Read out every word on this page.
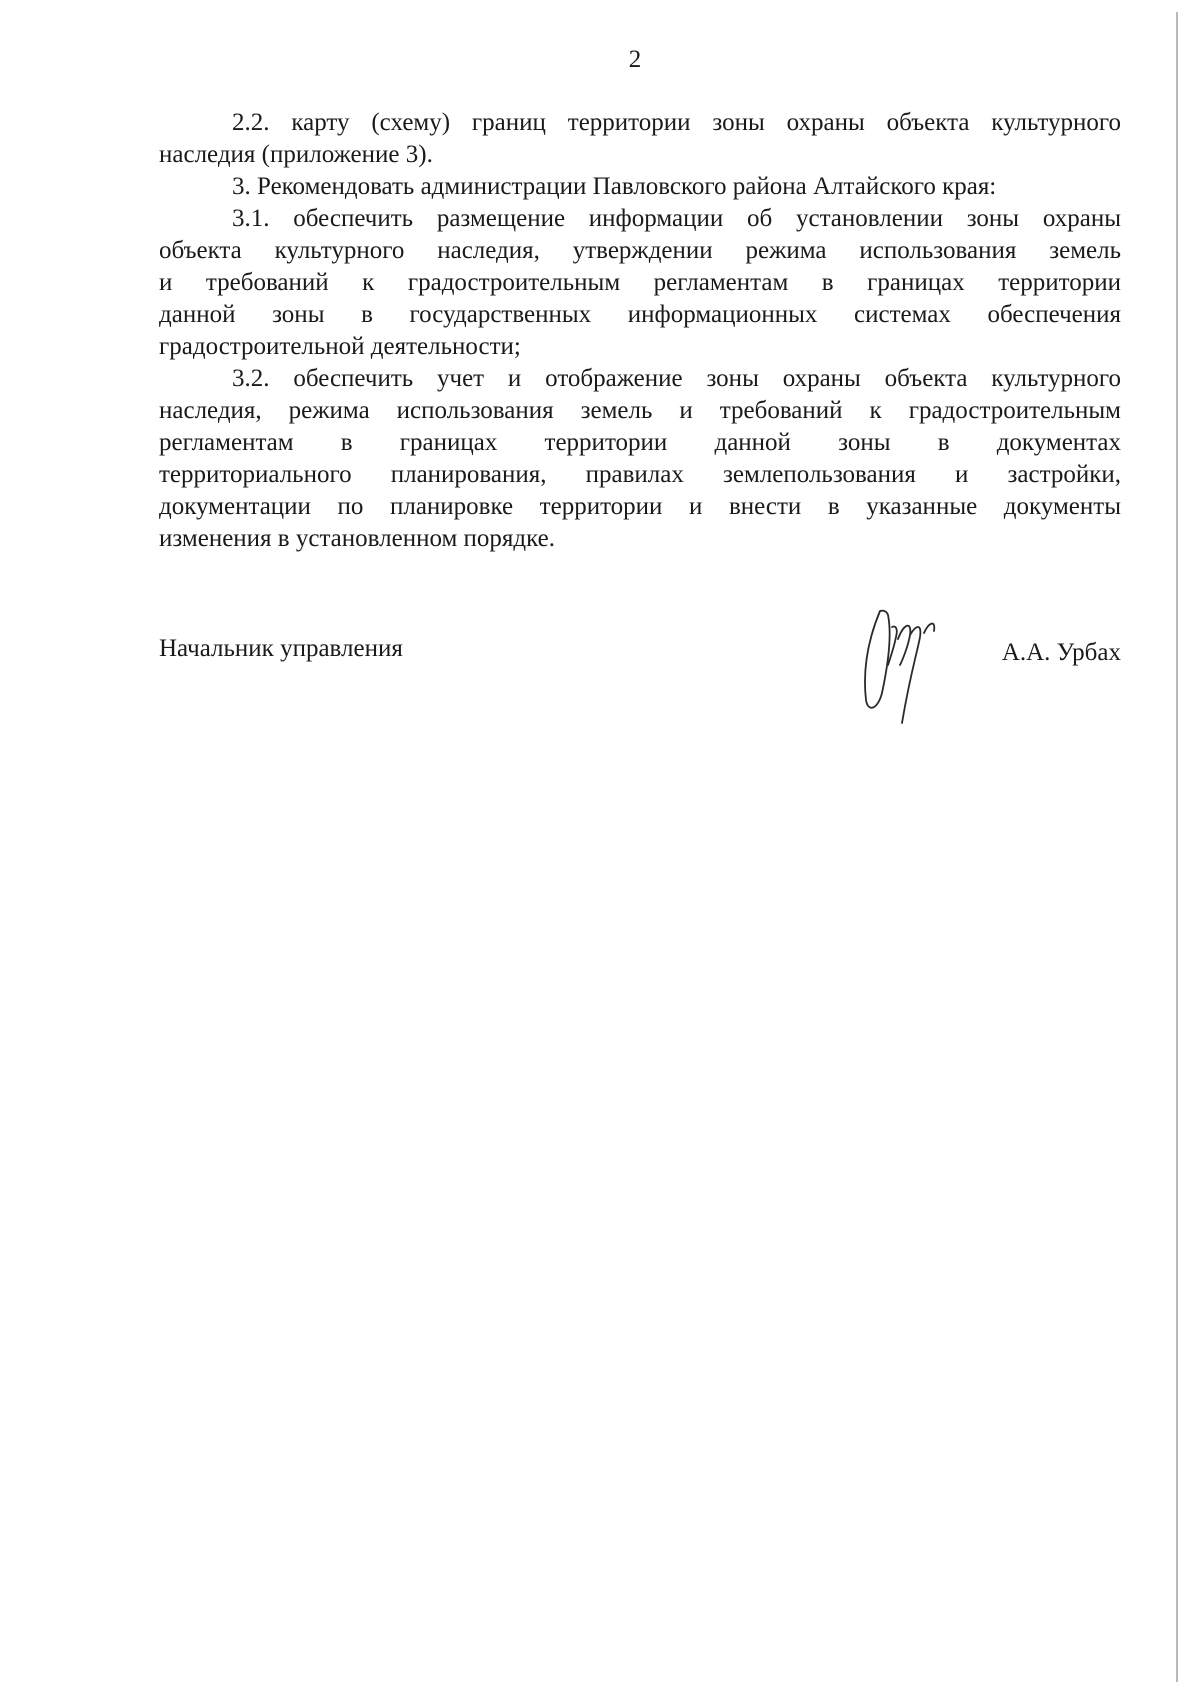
2

2.2. карту (схему) границ территории зоны охраны объекта культурного
наследия (приложение 3).

3. Рекомендовать администрации Павловского района Алтайского края:

3.1. обеспечить размещение информации об установлении зоны охраны
объекта культурного наследия, утверждении режима использования земель
и требований к градостроительным регламентам в границах территории
данной зоны в государственных информационных системах обеспечения
градостроительной деятельности;

3.2. обеспечить учет и отображение зоны охраны объекта культурного
наследия, режима использования земель и требований к градостроительным
регламентам в границах территории данной зоны в документах
территориального планирования, правилах землепользования и застройки,
документации по планировке территории и внести в указанные документы
изменения в установленном порядке.

Начальник управления	А.А. Урбах
